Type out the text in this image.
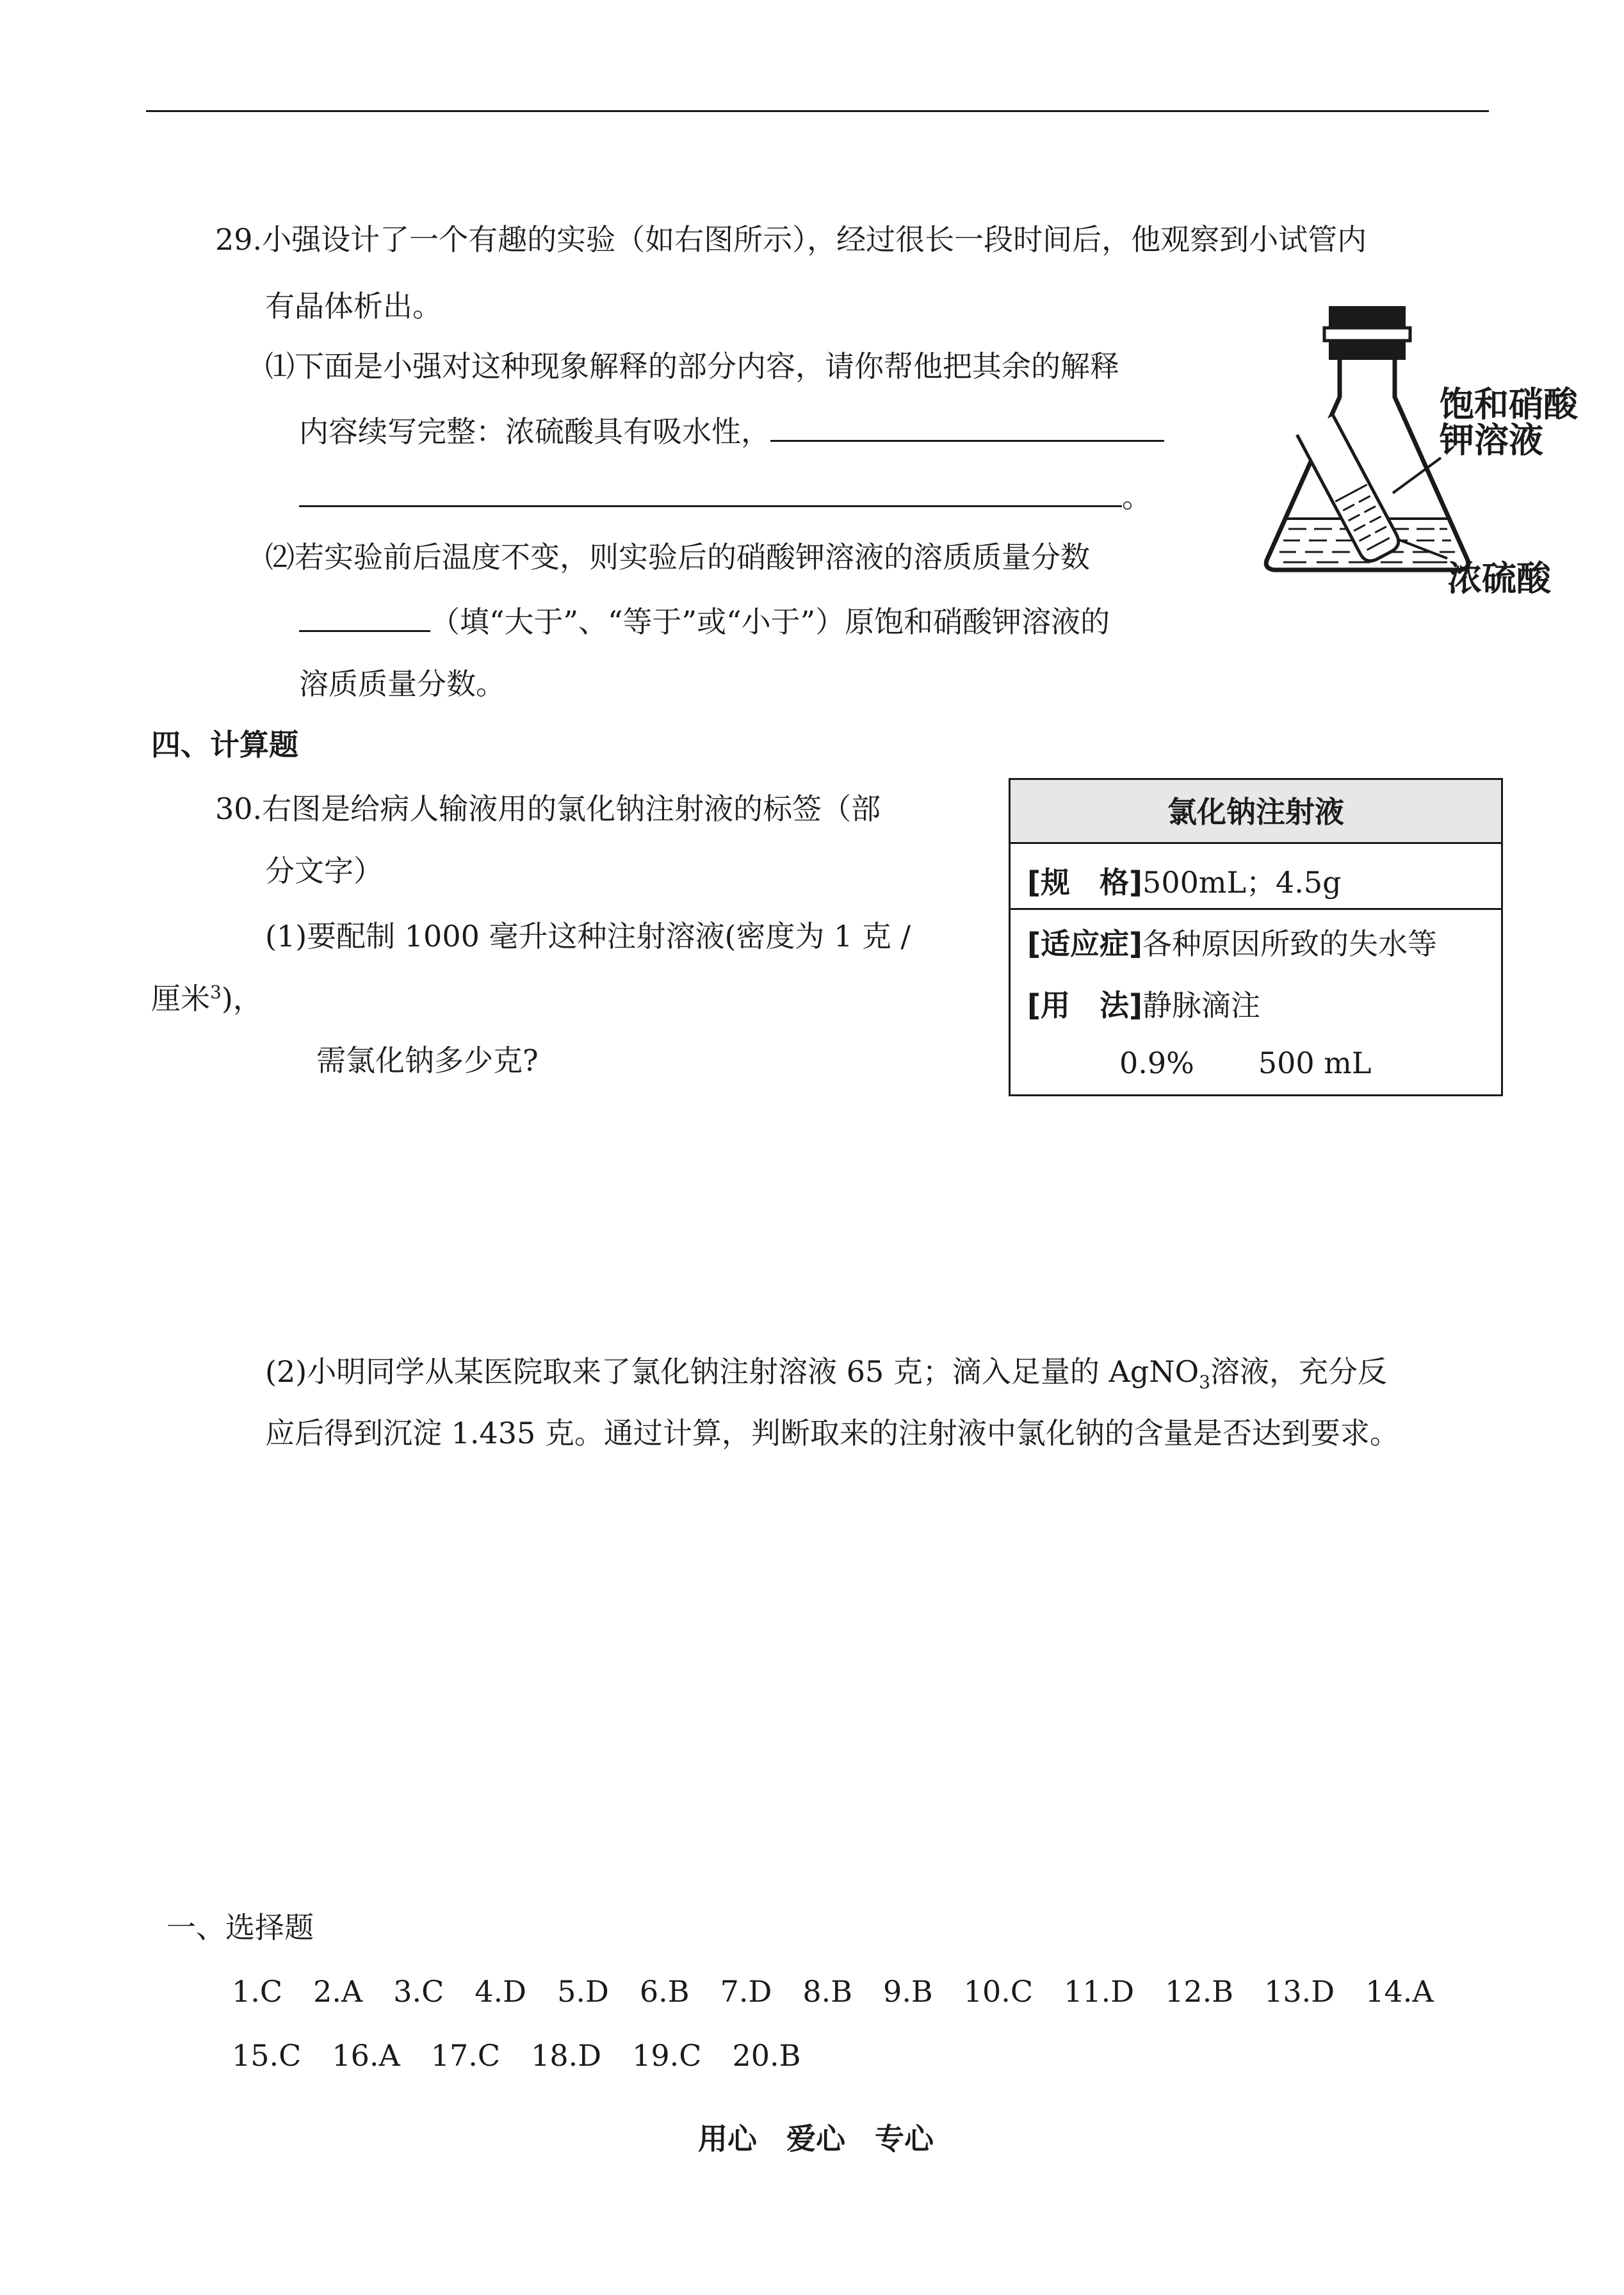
29.小强设计了一个有趣的实验（如右图所示），经过很长一段时间后，他观察到小试管内
有晶体析出。
⑴下面是小强对这种现象解释的部分内容，请你帮他把其余的解释
内容续写完整：浓硫酸具有吸水性，
。
⑵若实验前后温度不变，则实验后的硝酸钾溶液的溶质质量分数
（填“大于”、“等于”或“小于”）原饱和硝酸钾溶液的
溶质质量分数。
饱和硝酸
钾溶液
浓硫酸
四、计算题
30.右图是给病人输液用的氯化钠注射液的标签（部
分文字）
(1)要配制 1000 毫升这种注射溶液(密度为 1 克 /
厘米$^3$)，
需氯化钠多少克?
氯化钠注射液
[规　格]500mL；4.5g
[适应症]各种原因所致的失水等
[用　法]静脉滴注
0.9% 500 mL
(2)小明同学从某医院取来了氯化钠注射溶液 65 克；滴入足量的 AgNO$_3$溶液，充分反
应后得到沉淀 1.435 克。通过计算，判断取来的注射液中氯化钠的含量是否达到要求。
一、选择题
1.C 2.A 3.C 4.D 5.D 6.B 7.D 8.B 9.B 10.C 11.D 12.B 13.D 14.A
15.C 16.A 17.C 18.D 19.C 20.B
用心　爱心　专心
